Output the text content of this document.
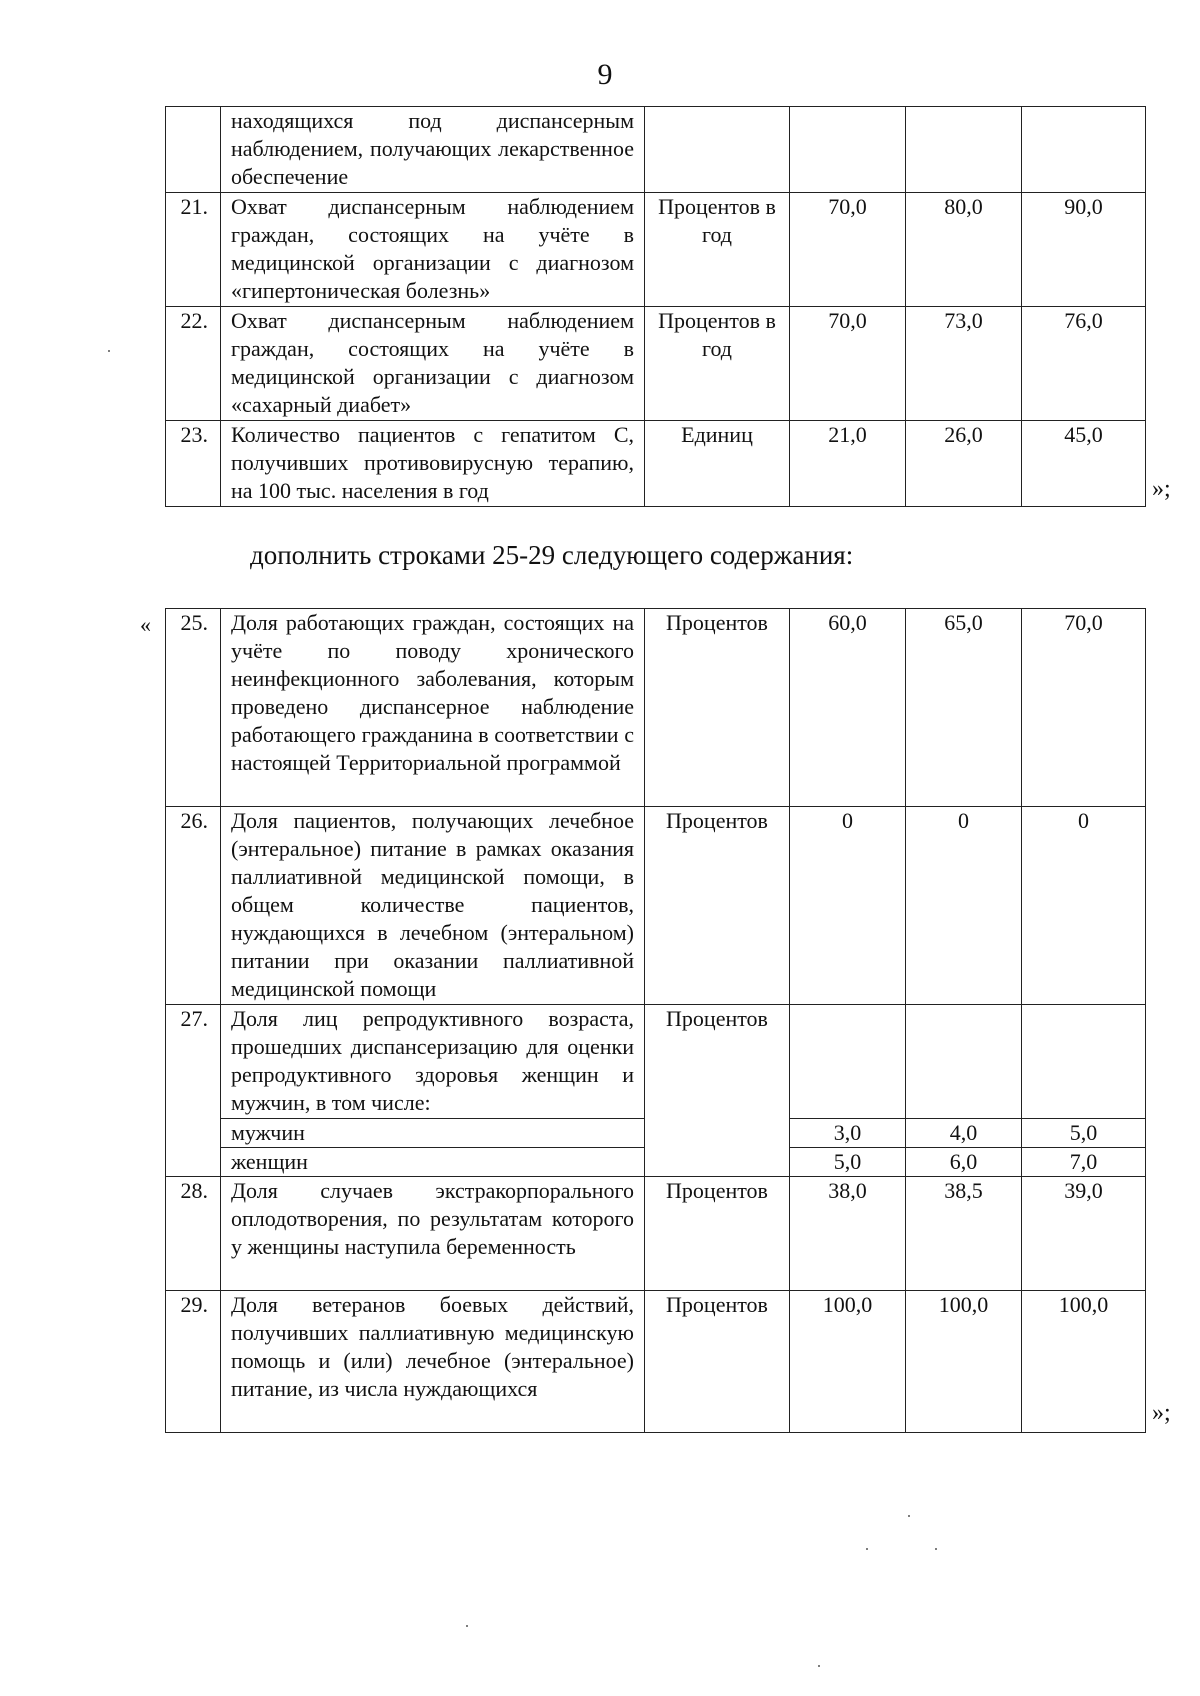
9
	находящихся под диспансерным наблюдением, получающих лекарственное обеспечение				
21.	Охват диспансерным наблюдением граждан, состоящих на учёте в медицинской организации с диагнозом «гипертоническая болезнь»	Процентов в год	70,0	80,0	90,0
22.	Охват диспансерным наблюдением граждан, состоящих на учёте в медицинской организации с диагнозом «сахарный диабет»	Процентов в год	70,0	73,0	76,0
23.	Количество пациентов с гепатитом С, получивших противовирусную терапию, на 100 тыс. населения в год	Единиц	21,0	26,0	45,0
»;
дополнить строками 25-29 следующего содержания:
« 25.	Доля работающих граждан, состоящих на учёте по поводу хронического неинфекционного заболевания, которым проведено диспансерное наблюдение работающего гражданина в соответствии с настоящей Территориальной программой	Процентов	60,0	65,0	70,0
26.	Доля пациентов, получающих лечебное (энтеральное) питание в рамках оказания паллиативной медицинской помощи, в общем количестве пациентов, нуждающихся в лечебном (энтеральном) питании при оказании паллиативной медицинской помощи	Процентов	0	0	0
27.	Доля лиц репродуктивного возраста, прошедших диспансеризацию для оценки репродуктивного здоровья женщин и мужчин, в том числе:	Процентов			
	мужчин		3,0	4,0	5,0
	женщин		5,0	6,0	7,0
28.	Доля случаев экстракорпорального оплодотворения, по результатам которого у женщины наступила беременность	Процентов	38,0	38,5	39,0
29.	Доля ветеранов боевых действий, получивших паллиативную медицинскую помощь и (или) лечебное (энтеральное) питание, из числа нуждающихся	Процентов	100,0	100,0	100,0
»;
